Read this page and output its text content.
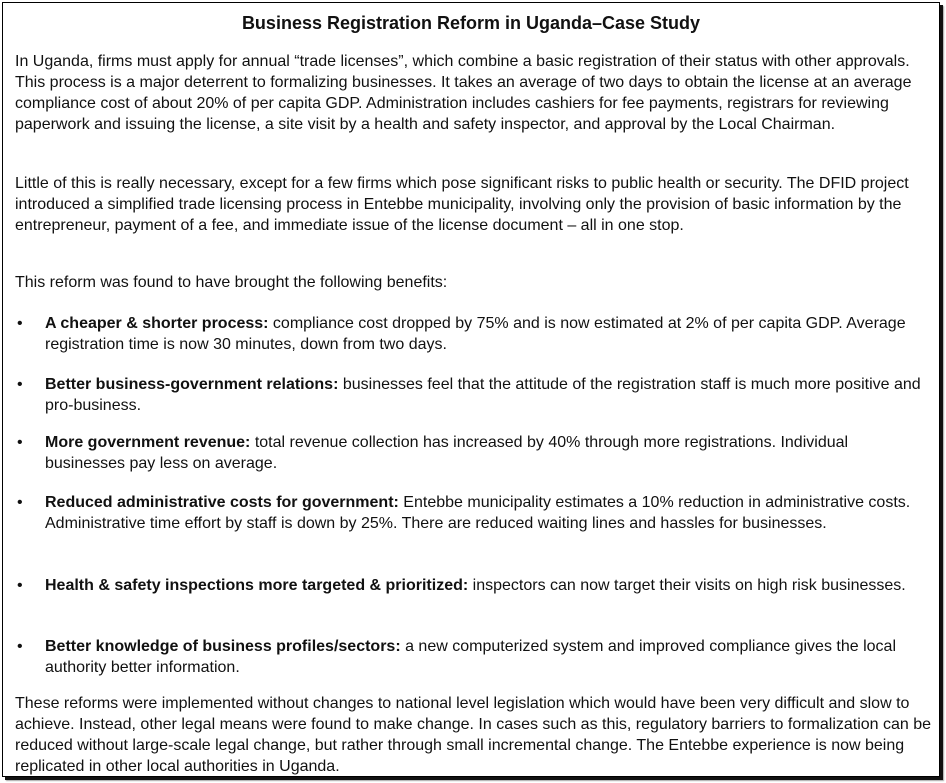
Business Registration Reform in Uganda–Case Study

In Uganda, firms must apply for annual “trade licenses”, which combine a basic registration of their status with other approvals. This process is a major deterrent to formalizing businesses. It takes an average of two days to obtain the license at an average compliance cost of about 20% of per capita GDP. Administration includes cashiers for fee payments, registrars for reviewing paperwork and issuing the license, a site visit by a health and safety inspector, and approval by the Local Chairman.

Little of this is really necessary, except for a few firms which pose significant risks to public health or security. The DFID project introduced a simplified trade licensing process in Entebbe municipality, involving only the provision of basic information by the entrepreneur, payment of a fee, and immediate issue of the license document – all in one stop.

This reform was found to have brought the following benefits:

• A cheaper & shorter process: compliance cost dropped by 75% and is now estimated at 2% of per capita GDP. Average registration time is now 30 minutes, down from two days.
• Better business-government relations: businesses feel that the attitude of the registration staff is much more positive and pro-business.
• More government revenue: total revenue collection has increased by 40% through more registrations. Individual businesses pay less on average.
• Reduced administrative costs for government: Entebbe municipality estimates a 10% reduction in administrative costs. Administrative time effort by staff is down by 25%. There are reduced waiting lines and hassles for businesses.
• Health & safety inspections more targeted & prioritized: inspectors can now target their visits on high risk businesses.
• Better knowledge of business profiles/sectors: a new computerized system and improved compliance gives the local authority better information.

These reforms were implemented without changes to national level legislation which would have been very difficult and slow to achieve. Instead, other legal means were found to make change. In cases such as this, regulatory barriers to formalization can be reduced without large-scale legal change, but rather through small incremental change. The Entebbe experience is now being replicated in other local authorities in Uganda.
